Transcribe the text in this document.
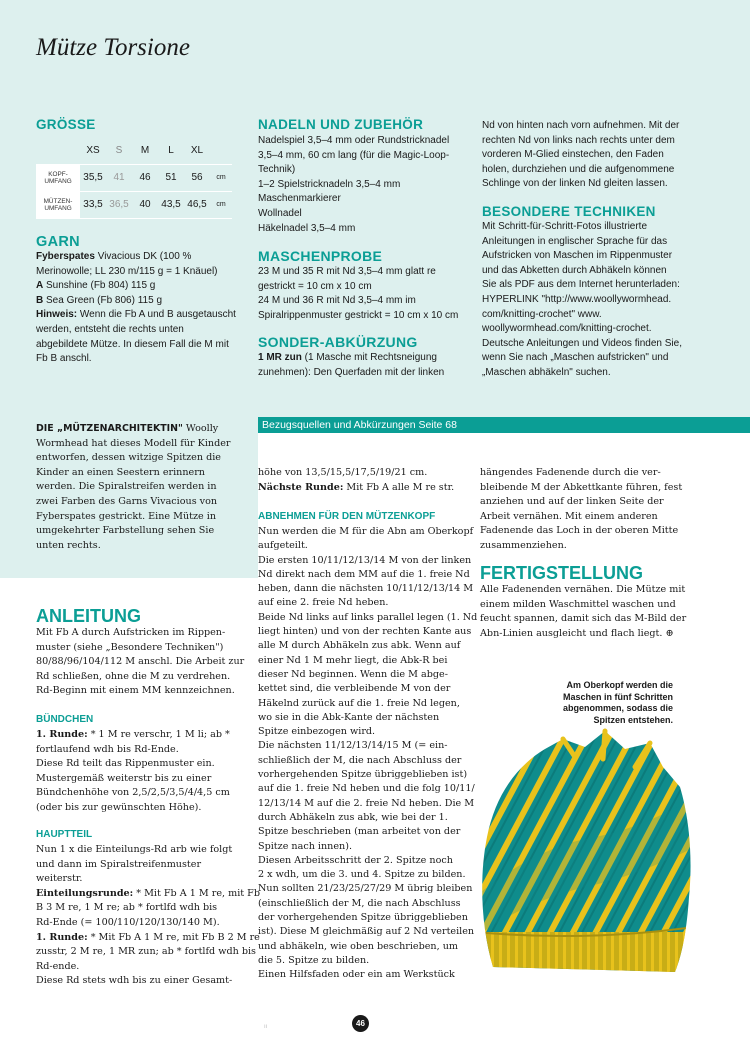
Mütze Torsione
GRÖSSE
	XS	S	M	L	XL	
KOPF-
UMFANG	35,5	41	46	51	56	cm
MÜTZEN-
UMFANG	33,5	36,5	40	43,5	46,5	cm
GARN
Fyberspates Vivacious DK (100 %
Merinowolle; LL 230 m/115 g = 1 Knäuel)
A Sunshine (Fb 804) 115 g
B Sea Green (Fb 806) 115 g
Hinweis: Wenn die Fb A und B ausgetauscht
werden, entsteht die rechts unten
abgebildete Mütze. In diesem Fall die M mit
Fb B anschl.
NADELN UND ZUBEHÖR
Nadelspiel 3,5–4 mm oder Rundstricknadel
3,5–4 mm, 60 cm lang (für die Magic-Loop-
Technik)
1–2 Spielstricknadeln 3,5–4 mm
Maschenmarkierer
Wollnadel
Häkelnadel 3,5–4 mm
MASCHENPROBE
23 M und 35 R mit Nd 3,5–4 mm glatt re
gestrickt = 10 cm x 10 cm
24 M und 36 R mit Nd 3,5–4 mm im
Spiralrippenmuster gestrickt = 10 cm x 10 cm
SONDER-ABKÜRZUNG
1 MR zun (1 Masche mit Rechtsneigung
zunehmen): Den Querfaden mit der linken
Nd von hinten nach vorn aufnehmen. Mit der
rechten Nd von links nach rechts unter dem
vorderen M-Glied einstechen, den Faden
holen, durchziehen und die aufgenommene
Schlinge von der linken Nd gleiten lassen.
BESONDERE TECHNIKEN
Mit Schritt-für-Schritt-Fotos illustrierte
Anleitungen in englischer Sprache für das
Aufstricken von Maschen im Rippenmuster
und das Abketten durch Abhäkeln können
Sie als PDF aus dem Internet herunterladen:
HYPERLINK "http://www.woollywormhead.
com/knitting-crochet" www.
woollywormhead.com/knitting-crochet.
Deutsche Anleitungen und Videos finden Sie,
wenn Sie nach „Maschen aufstricken" und
„Maschen abhäkeln" suchen.
DIE „MÜTZENARCHITEKTIN" Woolly
Wormhead hat dieses Modell für Kinder
entworfen, dessen witzige Spitzen die
Kinder an einen Seestern erinnern
werden. Die Spiralstreifen werden in
zwei Farben des Garns Vivacious von
Fyberspates gestrickt. Eine Mütze in
umgekehrter Farbstellung sehen Sie
unten rechts.
Bezugsquellen und Abkürzungen Seite 68
ANLEITUNG
Mit Fb A durch Aufstricken im Rippen-
muster (siehe „Besondere Techniken")
80/88/96/104/112 M anschl. Die Arbeit zur
Rd schließen, ohne die M zu verdrehen.
Rd-Beginn mit einem MM kennzeichnen.
BÜNDCHEN
1. Runde: * 1 M re verschr, 1 M li; ab *
fortlaufend wdh bis Rd-Ende.
Diese Rd teilt das Rippenmuster ein.
Mustergemäß weiterstr bis zu einer
Bündchenhöhe von 2,5/2,5/3,5/4/4,5 cm
(oder bis zur gewünschten Höhe).
HAUPTTEIL
Nun 1 x die Einteilungs-Rd arb wie folgt
und dann im Spiralstreifenmuster
weiterstr.
Einteilungsrunde: * Mit Fb A 1 M re, mit Fb
B 3 M re, 1 M re; ab * fortlfd wdh bis
Rd-Ende (= 100/110/120/130/140 M).
1. Runde: * Mit Fb A 1 M re, mit Fb B 2 M re
zusstr, 2 M re, 1 MR zun; ab * fortlfd wdh bis
Rd-ende.
Diese Rd stets wdh bis zu einer Gesamt-
höhe von 13,5/15,5/17,5/19/21 cm.
Nächste Runde: Mit Fb A alle M re str.
ABNEHMEN FÜR DEN MÜTZENKOPF
Nun werden die M für die Abn am Oberkopf
aufgeteilt.
Die ersten 10/11/12/13/14 M von der linken
Nd direkt nach dem MM auf die 1. freie Nd
heben, dann die nächsten 10/11/12/13/14 M
auf eine 2. freie Nd heben.
Beide Nd links auf links parallel legen (1. Nd
liegt hinten) und von der rechten Kante aus
alle M durch Abhäkeln zus abk. Wenn auf
einer Nd 1 M mehr liegt, die Abk-R bei
dieser Nd beginnen. Wenn die M abge-
kettet sind, die verbleibende M von der
Häkelnd zurück auf die 1. freie Nd legen,
wo sie in die Abk-Kante der nächsten
Spitze einbezogen wird.
Die nächsten 11/12/13/14/15 M (= ein-
schließlich der M, die nach Abschluss der
vorhergehenden Spitze übriggeblieben ist)
auf die 1. freie Nd heben und die folg 10/11/
12/13/14 M auf die 2. freie Nd heben. Die M
durch Abhäkeln zus abk, wie bei der 1.
Spitze beschrieben (man arbeitet von der
Spitze nach innen).
Diesen Arbeitsschritt der 2. Spitze noch
2 x wdh, um die 3. und 4. Spitze zu bilden.
Nun sollten 21/23/25/27/29 M übrig bleiben
(einschließlich der M, die nach Abschluss
der vorhergehenden Spitze übriggeblieben
ist). Diese M gleichmäßig auf 2 Nd verteilen
und abhäkeln, wie oben beschrieben, um
die 5. Spitze zu bilden.
Einen Hilfsfaden oder ein am Werkstück
hängendes Fadenende durch die ver-
bleibende M der Abkettkante führen, fest
anziehen und auf der linken Seite der
Arbeit vernähen. Mit einem anderen
Fadenende das Loch in der oberen Mitte
zusammenziehen.
FERTIGSTELLUNG
Alle Fadenenden vernähen. Die Mütze mit
einem milden Waschmittel waschen und
feucht spannen, damit sich das M-Bild der
Abn-Linien ausgleicht und flach liegt. ⊕
Am Oberkopf werden die
Maschen in fünf Schritten
abgenommen, sodass die
Spitzen entstehen.
ıı	46
